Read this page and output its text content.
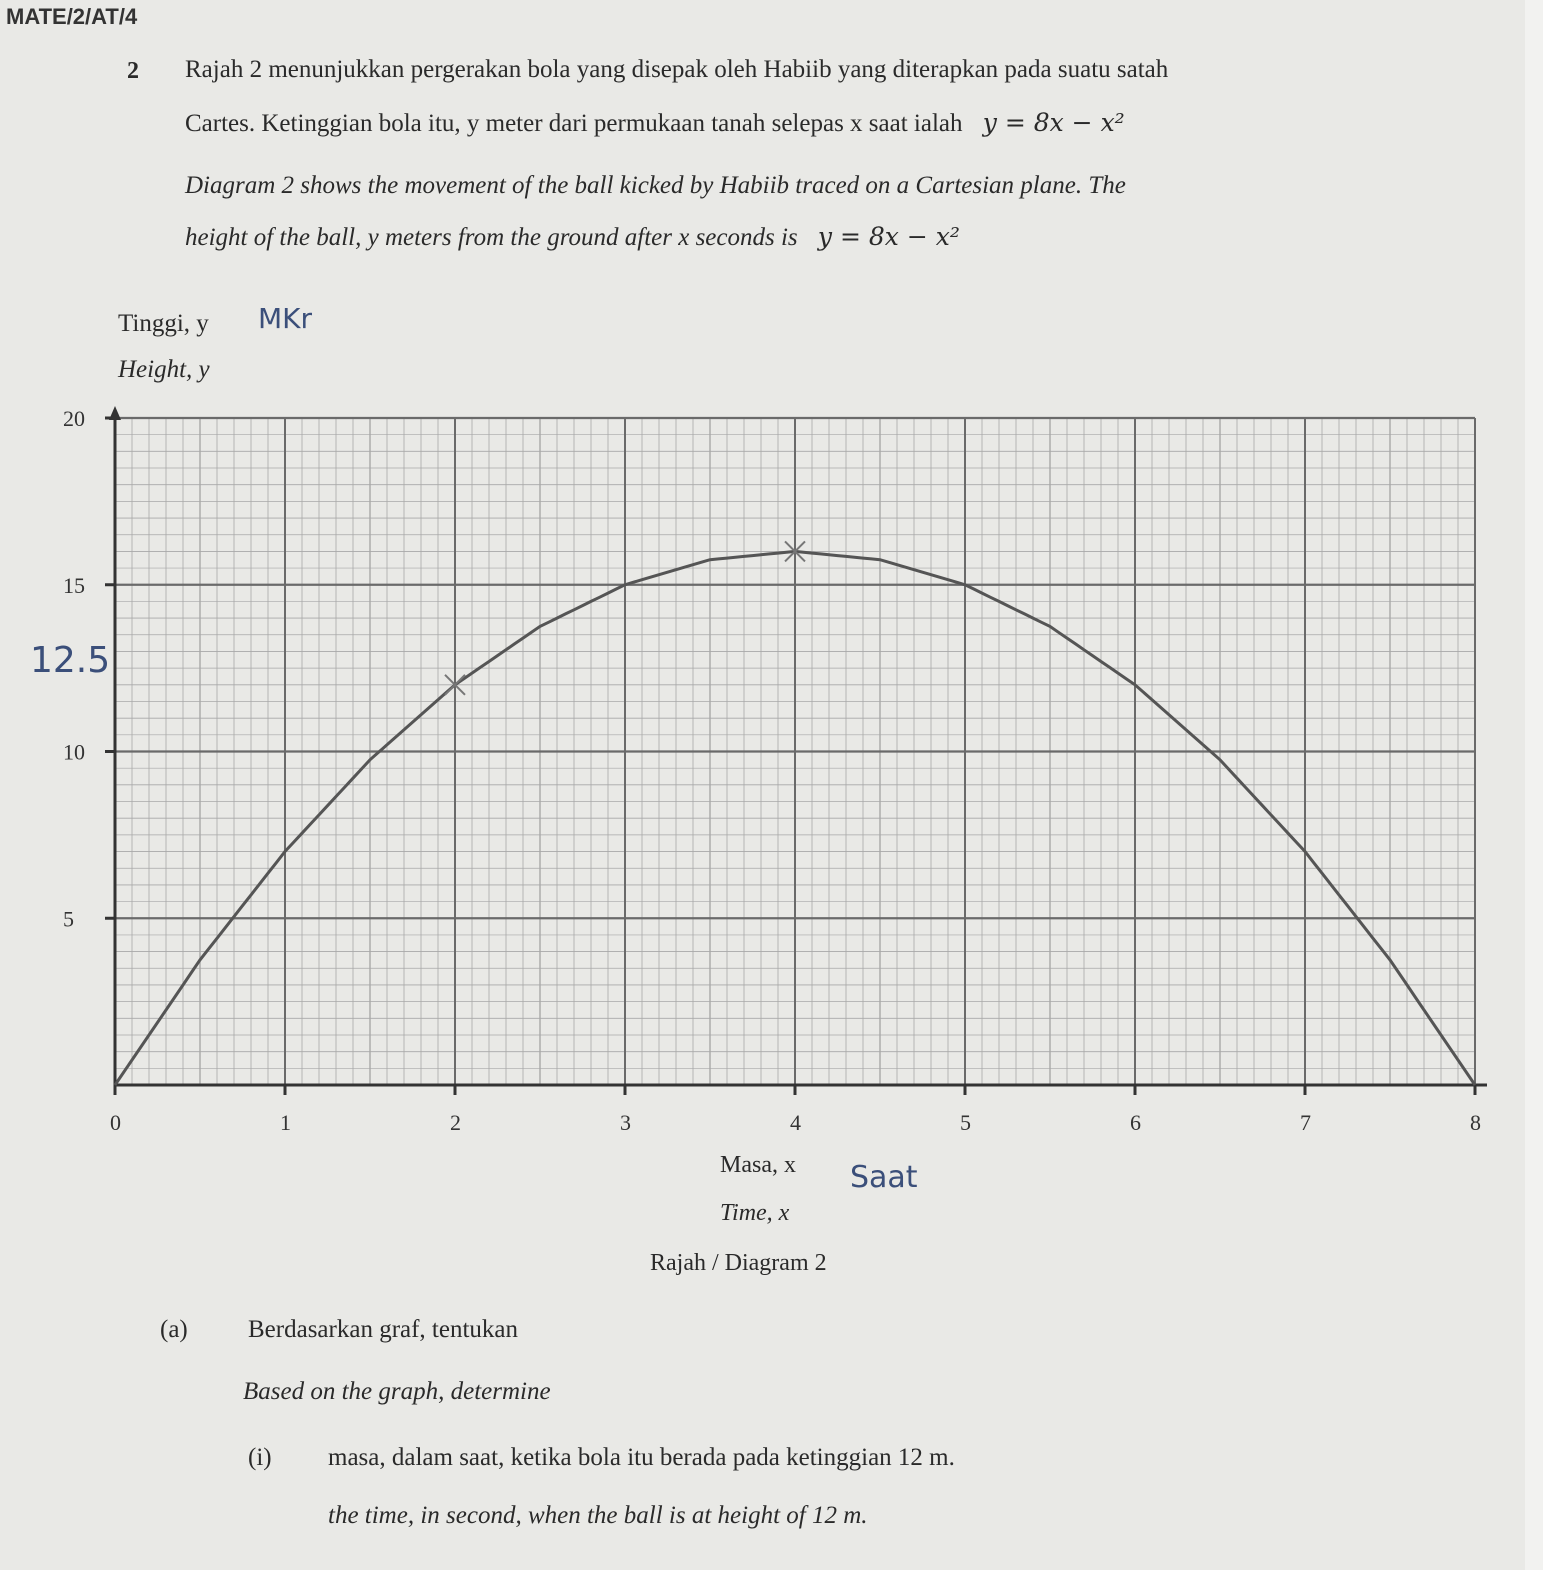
MATE/2/AT/4
2 Rajah 2 menunjukkan pergerakan bola yang disepak oleh Habiib yang diterapkan pada suatu satah
Cartes. Ketinggian bola itu, y meter dari permukaan tanah selepas x saat ialah y = 8x − x²
Diagram 2 shows the movement of the ball kicked by Habiib traced on a Cartesian plane. The
height of the ball, y meters from the ground after x seconds is y = 8x − x²
Tinggi, y
Height, y
MKr
0	1	2	3	4	5	6	7	8
5
10
15
20
12.5
Masa, x
Time, x
Saat
Rajah / Diagram 2
(a) Berdasarkan graf, tentukan
Based on the graph, determine
(i) masa, dalam saat, ketika bola itu berada pada ketinggian 12 m.
the time, in second, when the ball is at height of 12 m.
